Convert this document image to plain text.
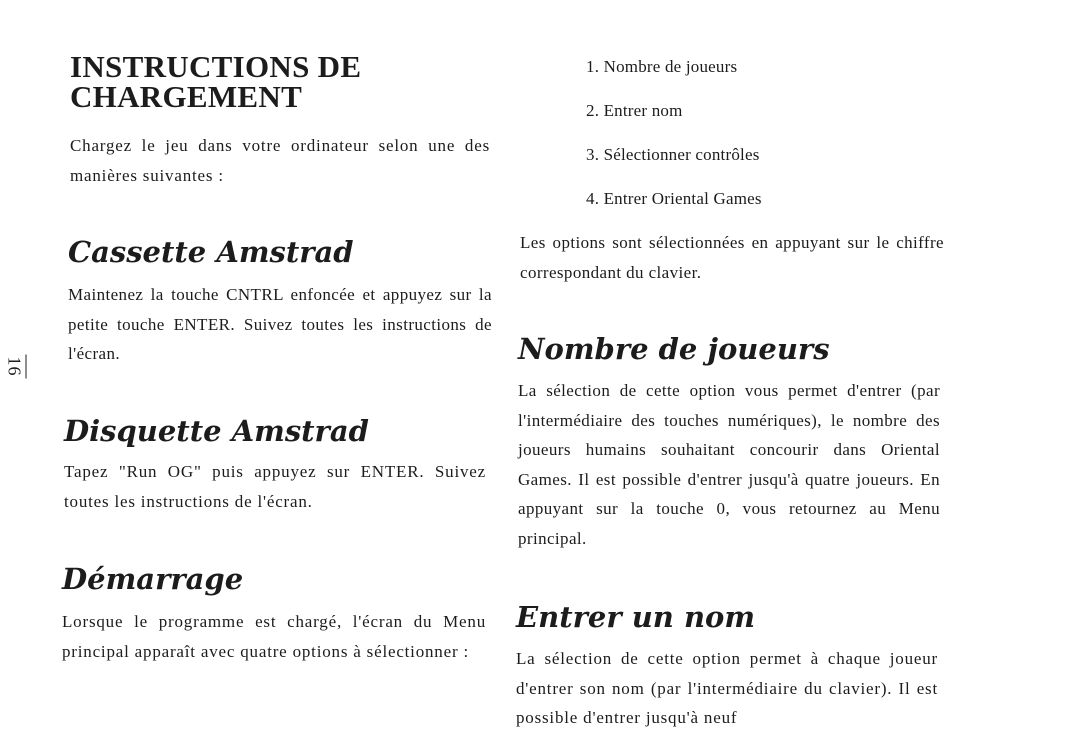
16
INSTRUCTIONS DE
CHARGEMENT

Chargez le jeu dans votre ordinateur selon une des manières suivantes :

Cassette Amstrad

Maintenez la touche CNTRL enfoncée et appuyez sur la petite touche ENTER. Suivez toutes les instructions de l'écran.

Disquette Amstrad

Tapez "Run OG" puis appuyez sur ENTER. Suivez toutes les instructions de l'écran.

Démarrage

Lorsque le programme est chargé, l'écran du Menu principal apparaît avec quatre options à sélectionner :

1. Nombre de joueurs
2. Entrer nom
3. Sélectionner contrôles
4. Entrer Oriental Games

Les options sont sélectionnées en appuyant sur le chiffre correspondant du clavier.

Nombre de joueurs

La sélection de cette option vous permet d'entrer (par l'intermédiaire des touches numériques), le nombre des joueurs humains souhaitant concourir dans Oriental Games. Il est possible d'entrer jusqu'à quatre joueurs. En appuyant sur la touche 0, vous retournez au Menu principal.

Entrer un nom

La sélection de cette option permet à chaque joueur d'entrer son nom (par l'intermédiaire du clavier). Il est possible d'entrer jusqu'à neuf
